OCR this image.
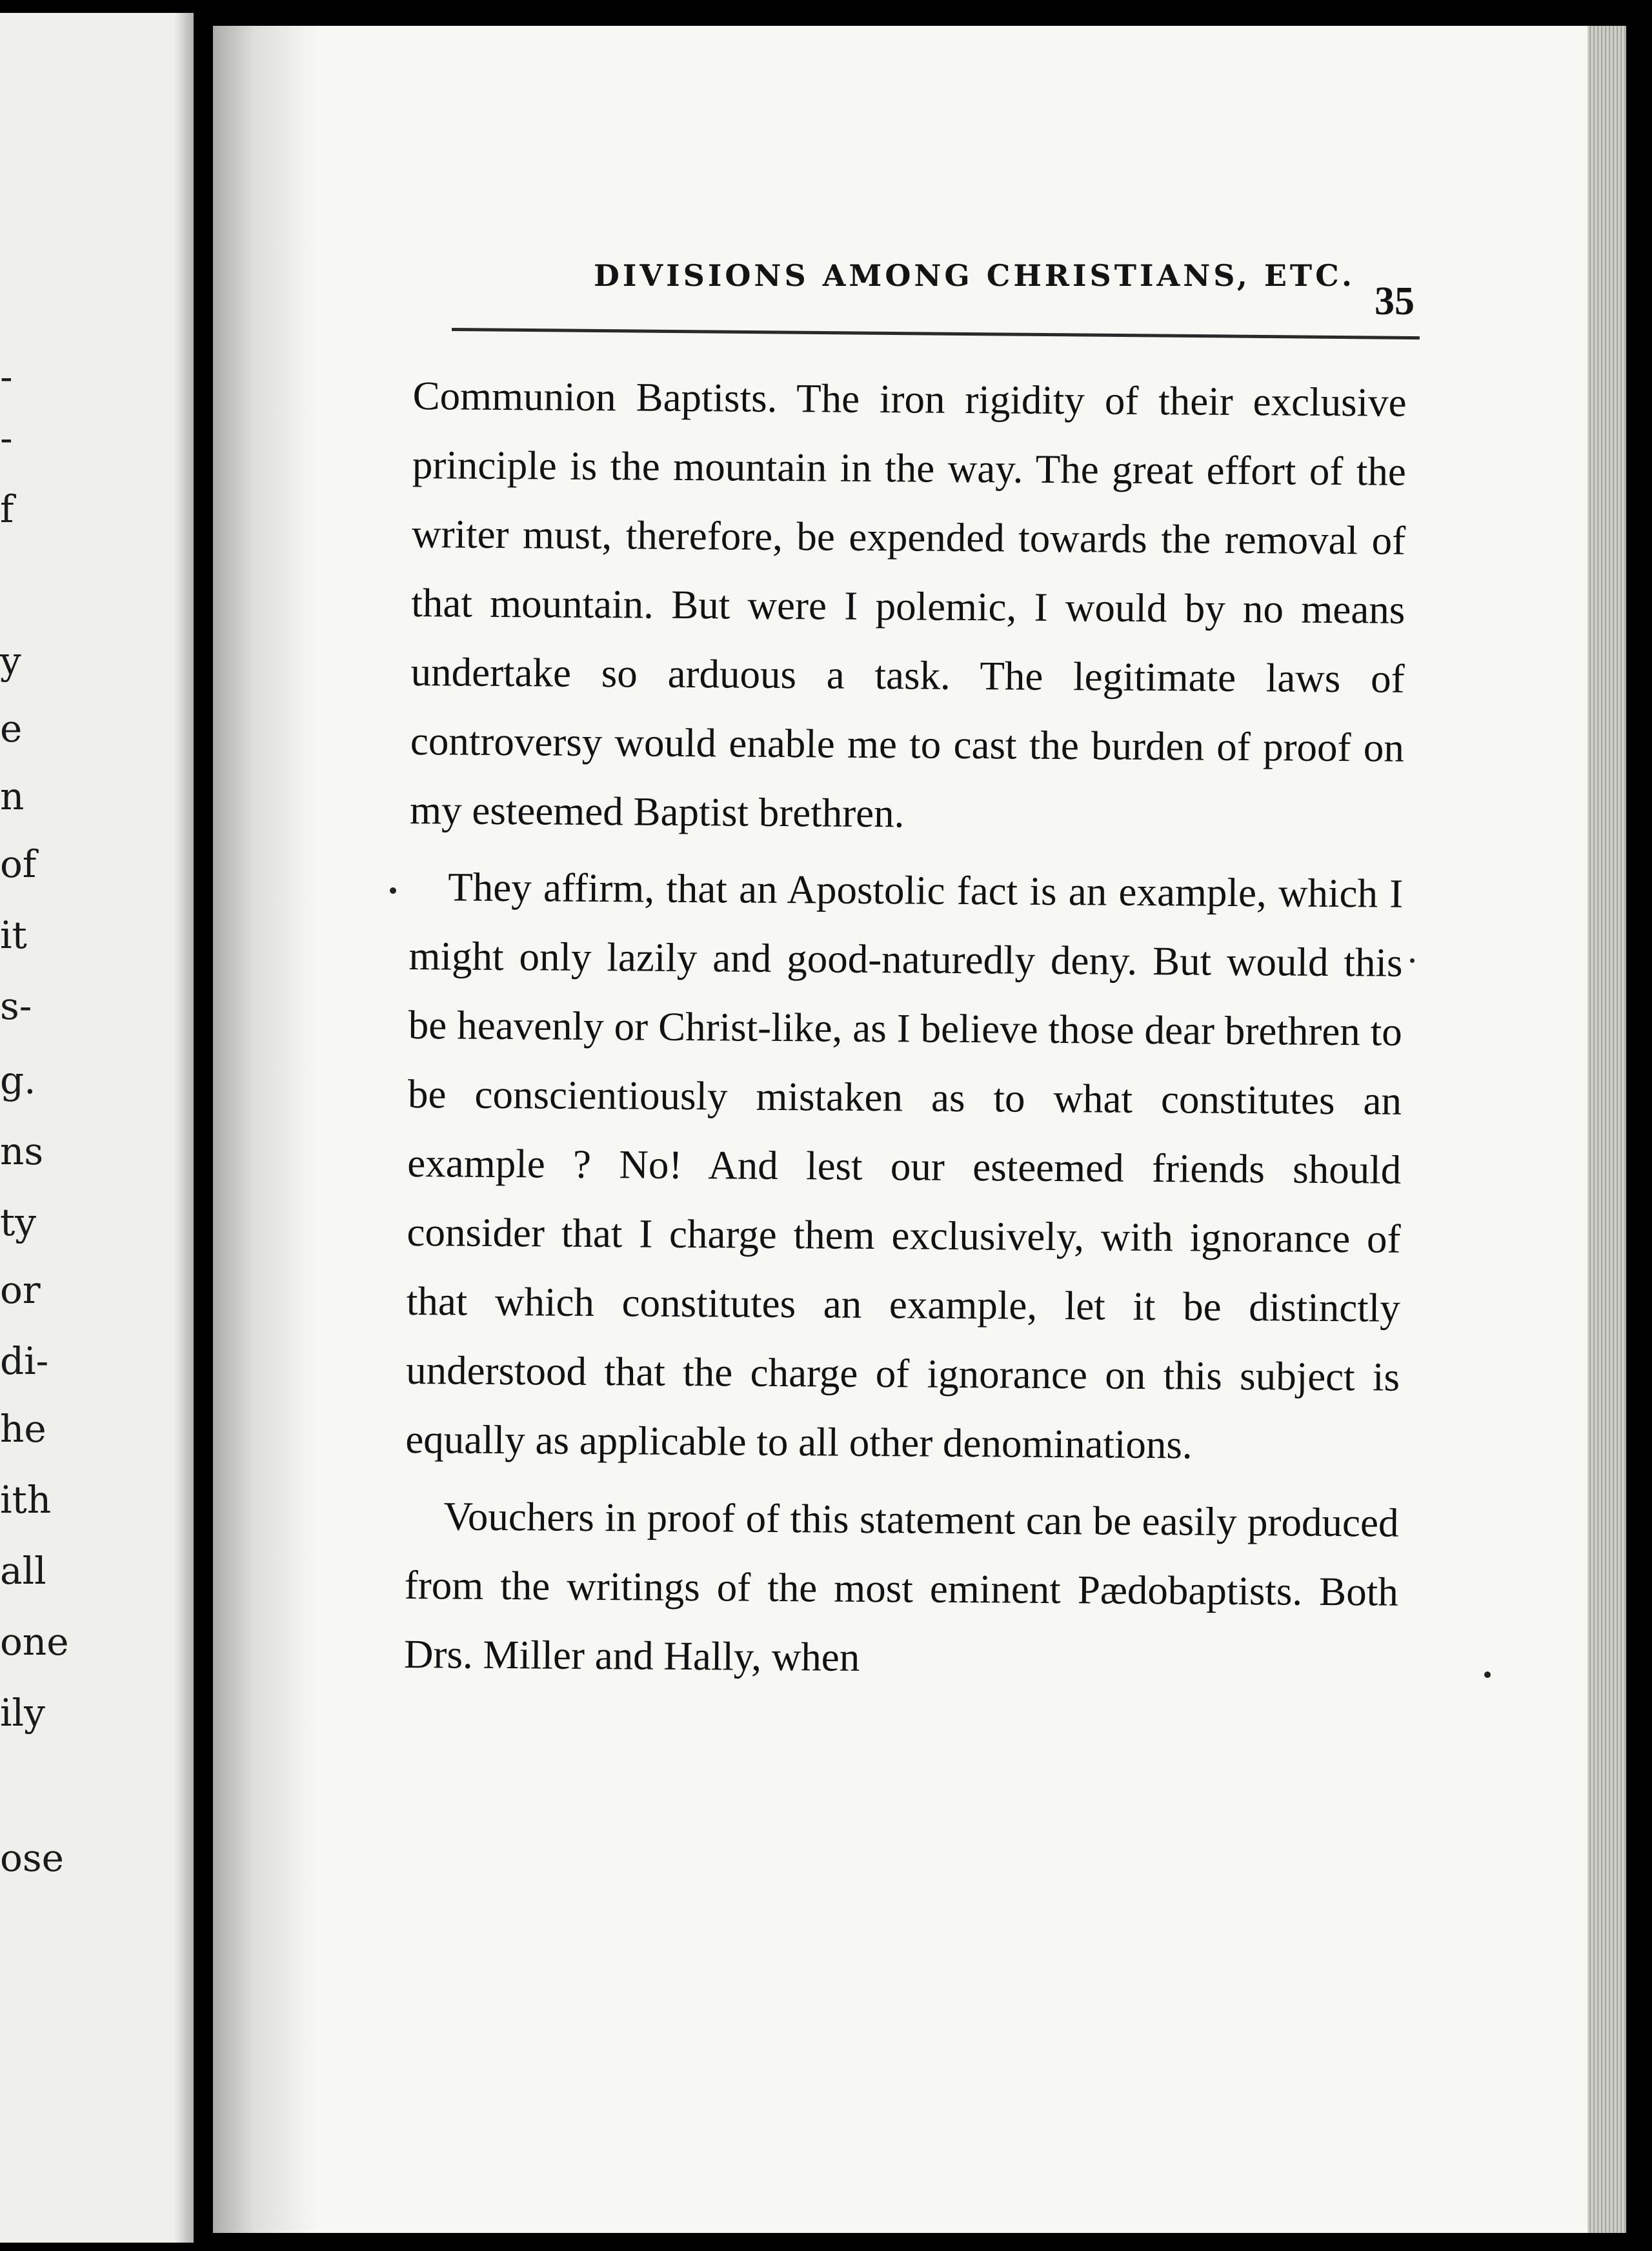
-
-
f
y
e
n
of
it
s-
g.
ns
ty
or
di-
he
ith
all
one
ily
ose
DIVISIONS AMONG CHRISTIANS, ETC.
35

Communion Baptists. The iron rigidity of their exclusive principle is the mountain in the way. The great effort of the writer must, therefore, be expended towards the removal of that mountain. But were I polemic, I would by no means undertake so arduous a task. The legitimate laws of controversy would enable me to cast the burden of proof on my esteemed Baptist brethren.

They affirm, that an Apostolic fact is an example, which I might only lazily and good-naturedly deny. But would this be heavenly or Christ-like, as I believe those dear brethren to be conscientiously mistaken as to what constitutes an example ? No! And lest our esteemed friends should consider that I charge them exclusively, with ignorance of that which constitutes an example, let it be distinctly understood that the charge of ignorance on this subject is equally as applicable to all other denominations.

Vouchers in proof of this statement can be easily produced from the writings of the most eminent Pædobaptists. Both Drs. Miller and Hally, when
